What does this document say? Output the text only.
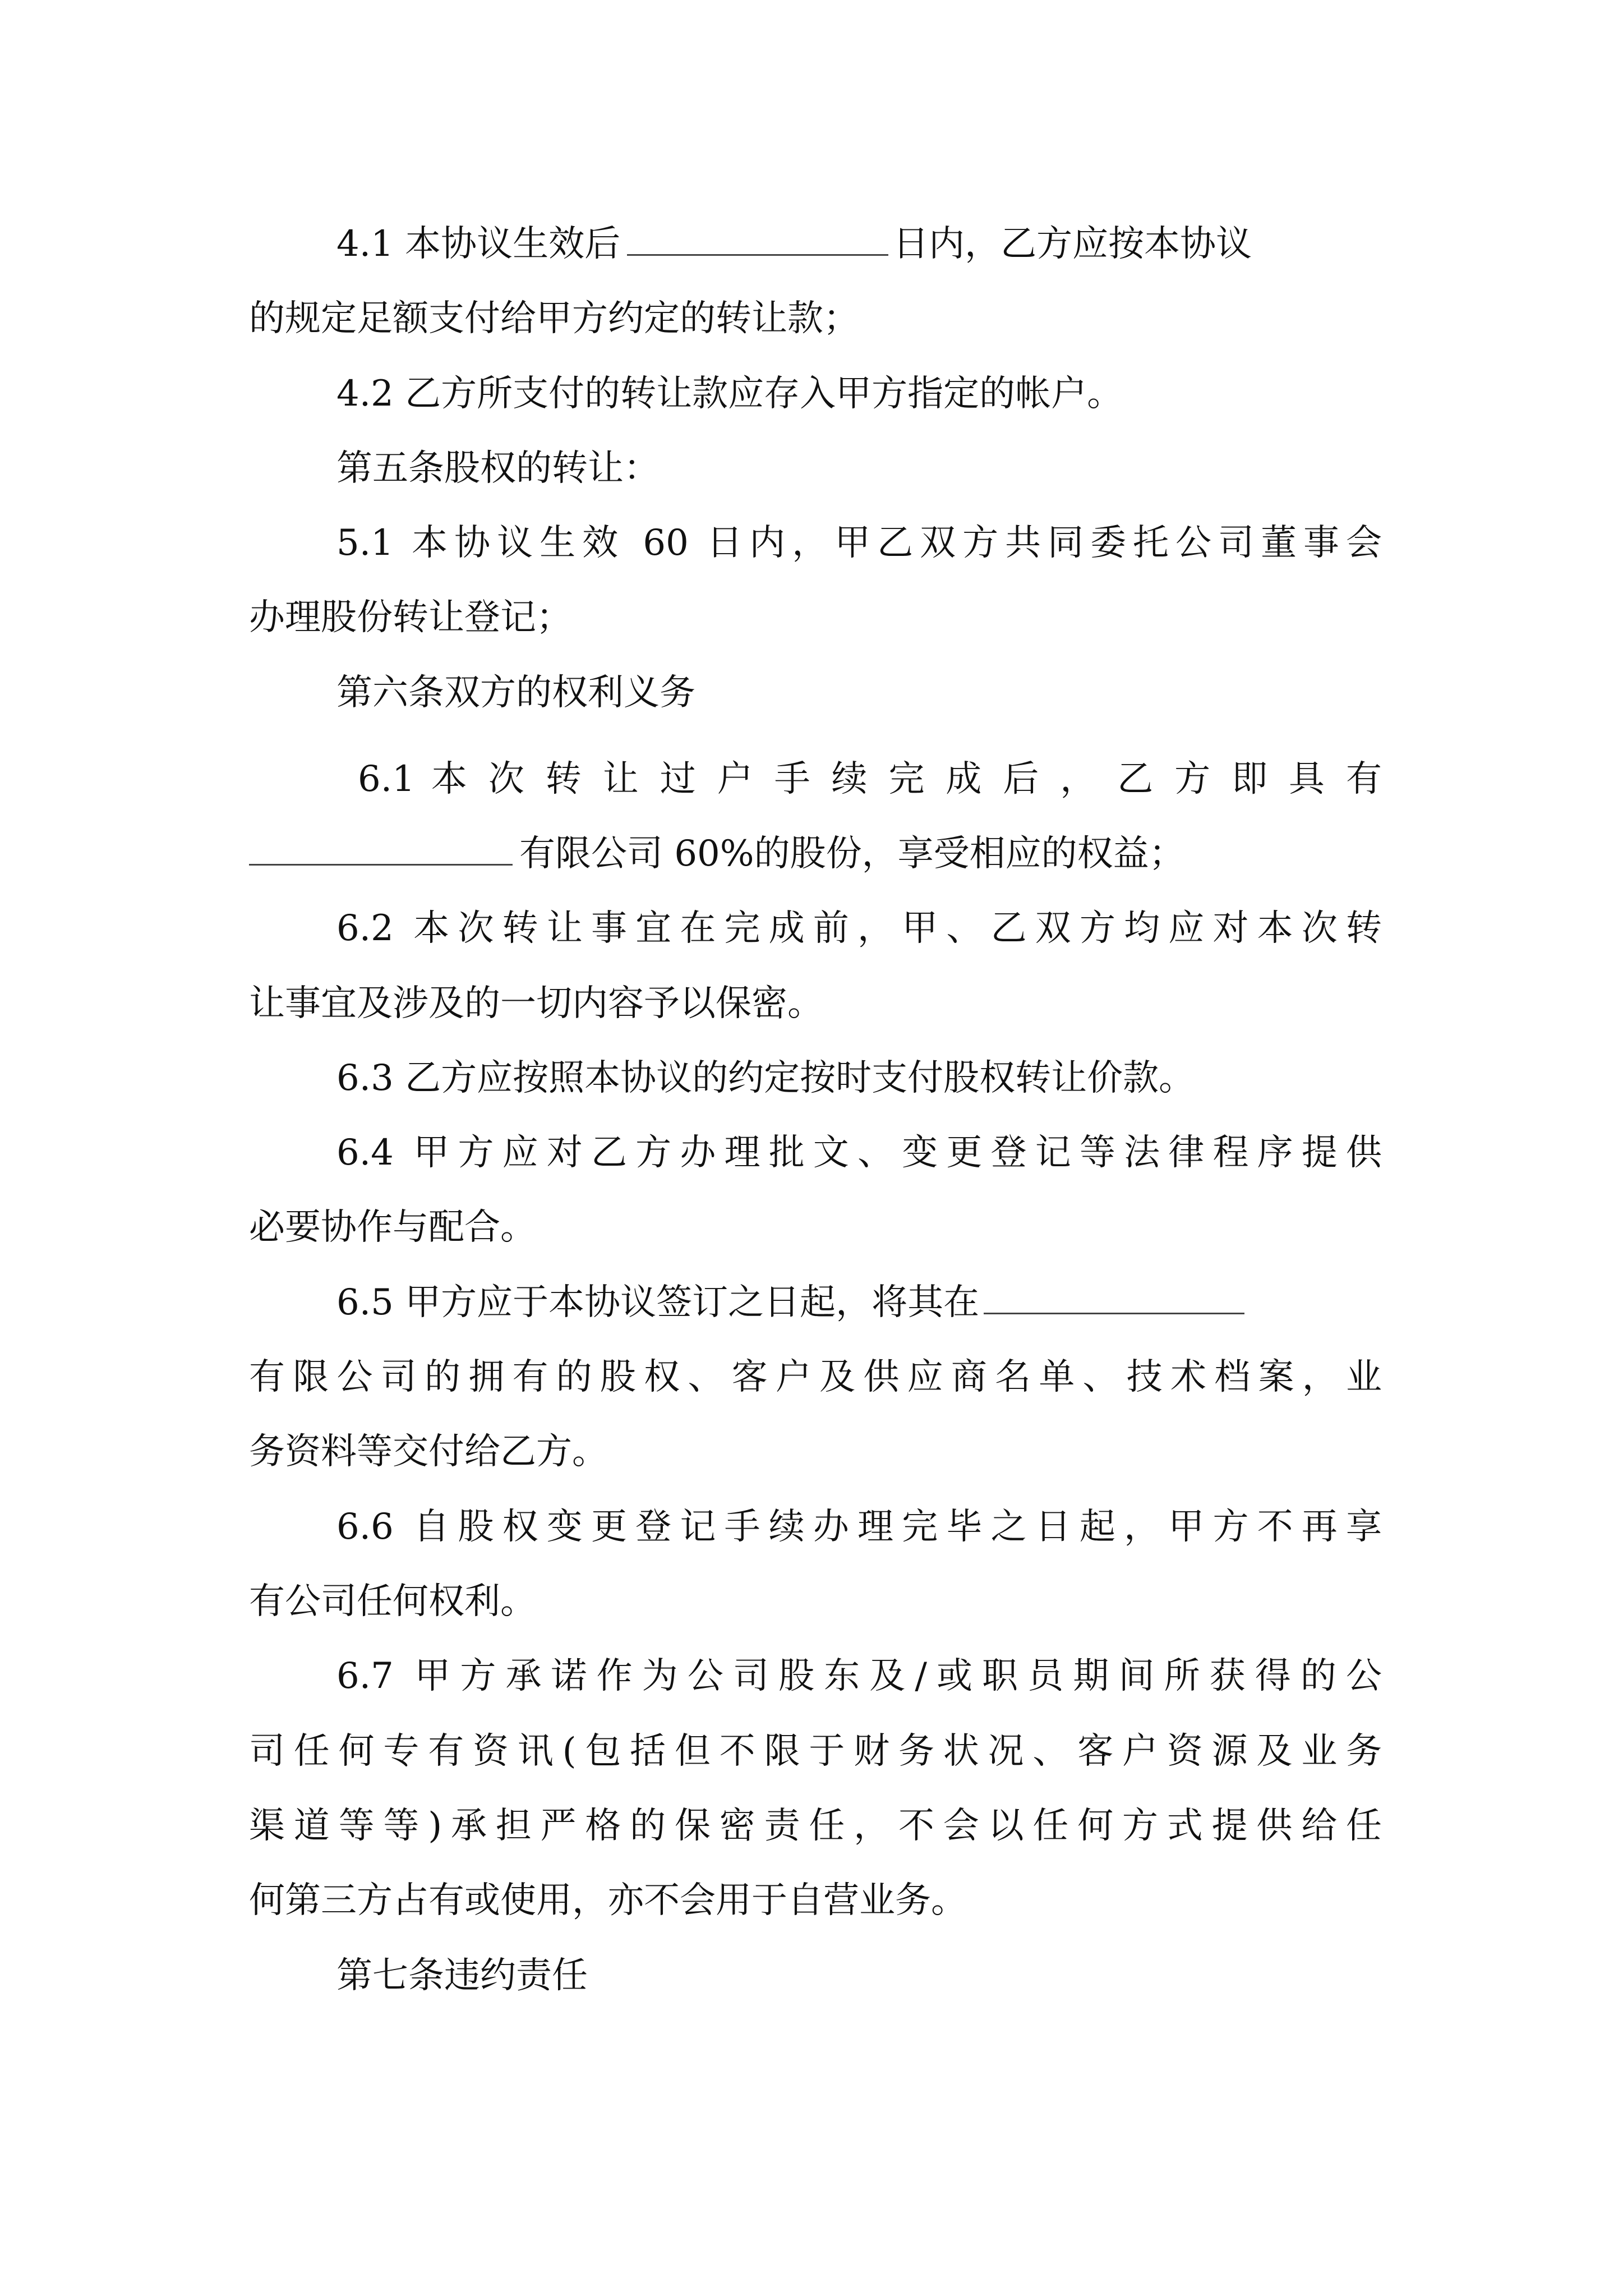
4.1 本协议生效后	日内，乙方应按本协议
的规定足额支付给甲方约定的转让款；
4.2 乙方所支付的转让款应存入甲方指定的帐户。
第五条股权的转让：
5.1 本协议生效 60 日内，甲乙双方共同委托公司董事会
办理股份转让登记；
第六条双方的权利义务
6.1 本 次 转 让 过 户 手 续 完 成 后 ， 乙 方 即 具 有
有限公司 60%的股份，享受相应的权益；
6.2 本次转让事宜在完成前，甲、乙双方均应对本次转
让事宜及涉及的一切内容予以保密。
6.3 乙方应按照本协议的约定按时支付股权转让价款。
6.4 甲方应对乙方办理批文、变更登记等法律程序提供
必要协作与配合。
6.5 甲方应于本协议签订之日起，将其在
有限公司的拥有的股权、客户及供应商名单、技术档案，业
务资料等交付给乙方。
6.6 自股权变更登记手续办理完毕之日起，甲方不再享
有公司任何权利。
6.7 甲方承诺作为公司股东及/或职员期间所获得的公
司任何专有资讯(包括但不限于财务状况、客户资源及业务
渠道等等)承担严格的保密责任，不会以任何方式提供给任
何第三方占有或使用，亦不会用于自营业务。
第七条违约责任
